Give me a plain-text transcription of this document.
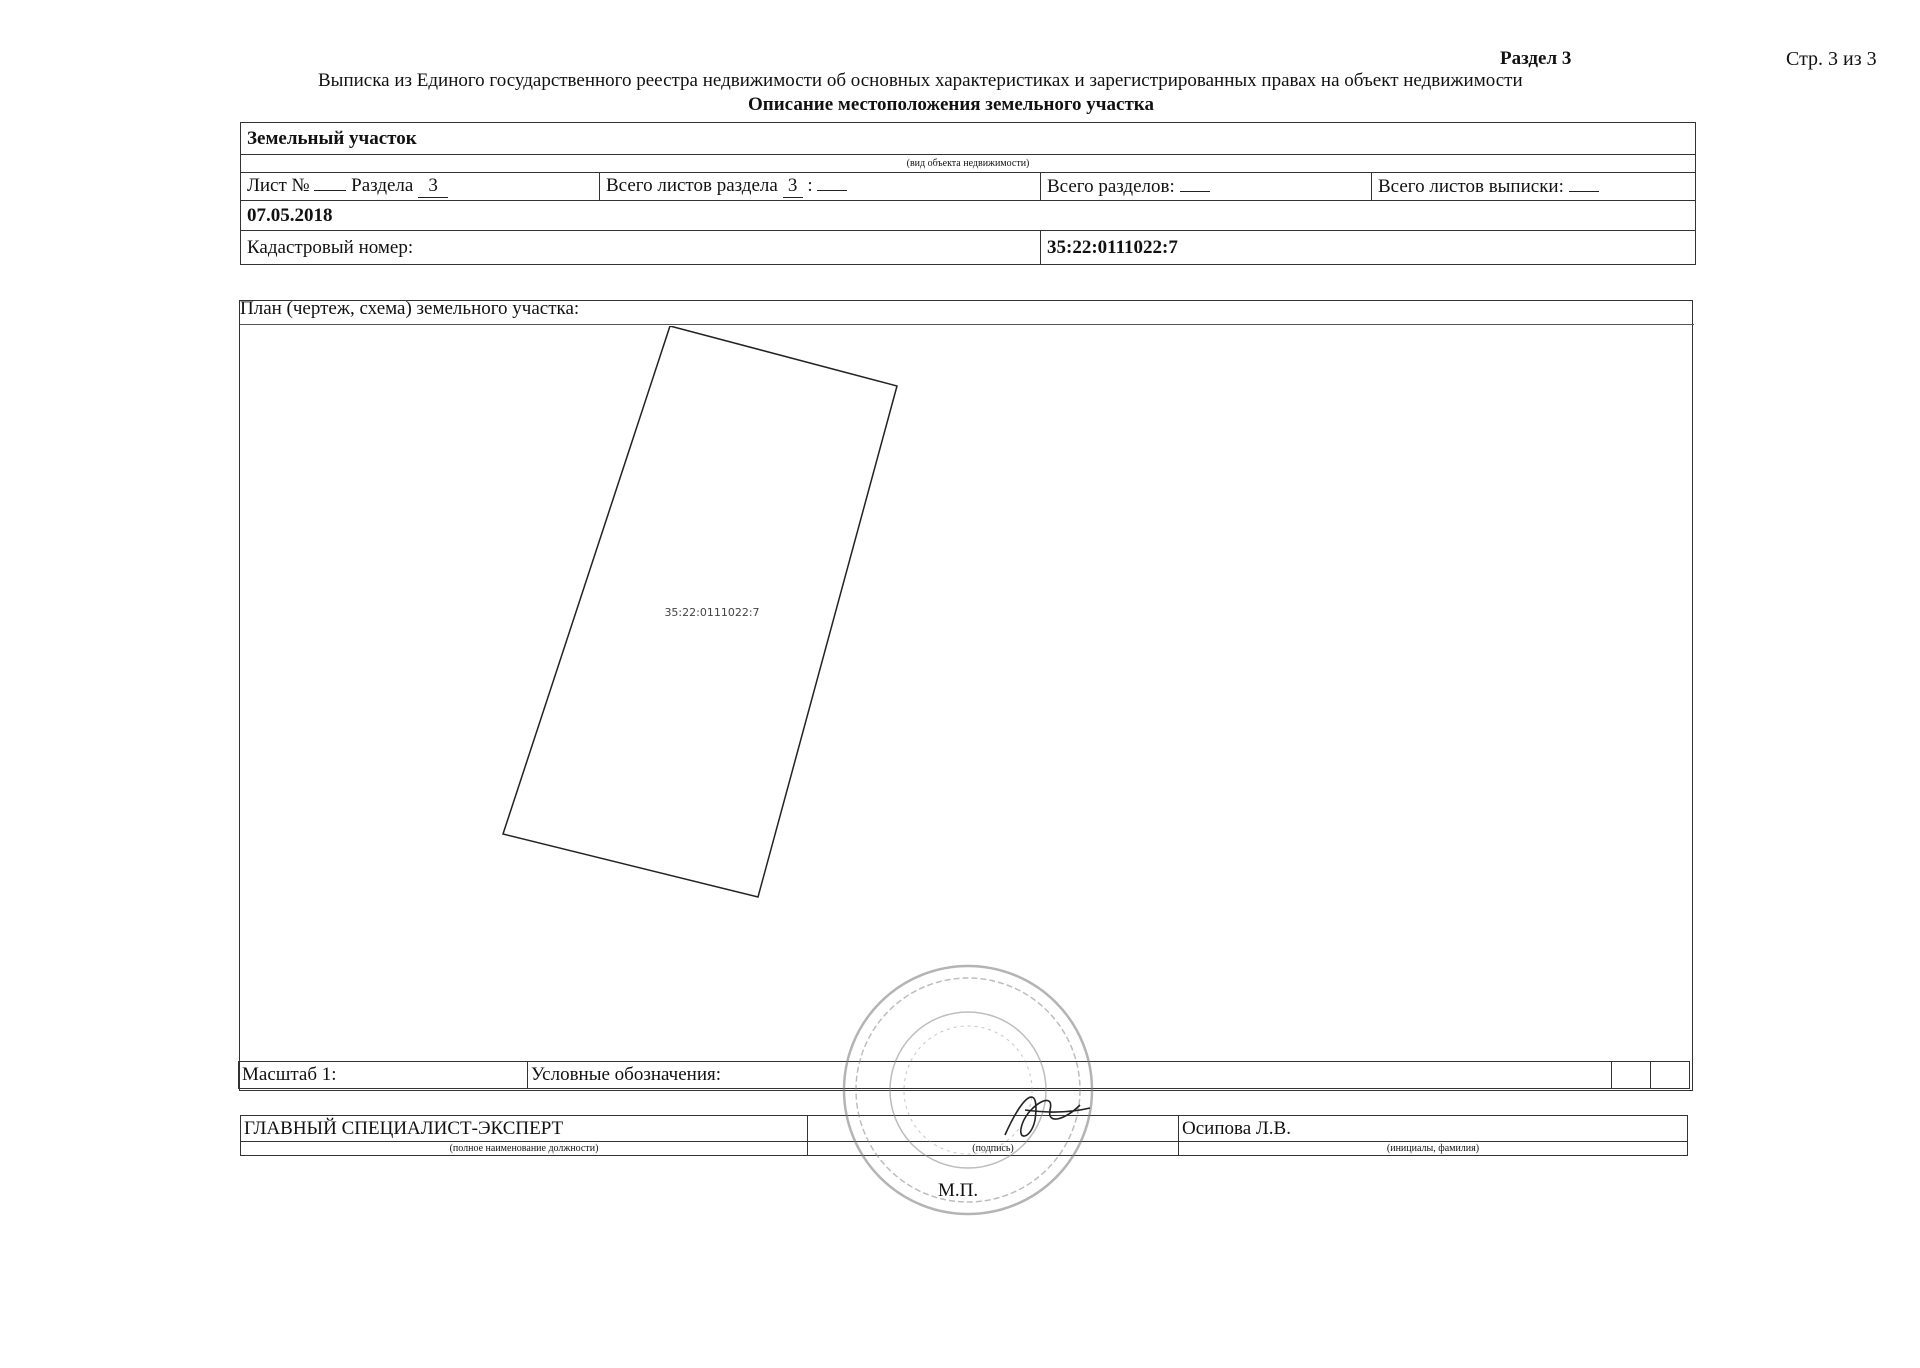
Раздел 3	Стр. 3 из 3
Выписка из Единого государственного реестра недвижимости об основных характеристиках и зарегистрированных правах на объект недвижимости
Описание местоположения земельного участка
Земельный участок			
(вид объекта недвижимости)			
Лист № Раздела 3	Всего листов раздела 3 :	Всего разделов:	Всего листов выписки:
07.05.2018			
Кадастровый номер:		35:22:0111022:7	
План (чертеж, схема) земельного участка:
35:22:0111022:7
Масштаб 1:	Условные обозначения:		
ГЛАВНЫЙ СПЕЦИАЛИСТ-ЭКСПЕРТ		Осипова Л.В.
(полное наименование должности)	(подпись)	(инициалы, фамилия)
М.П.
